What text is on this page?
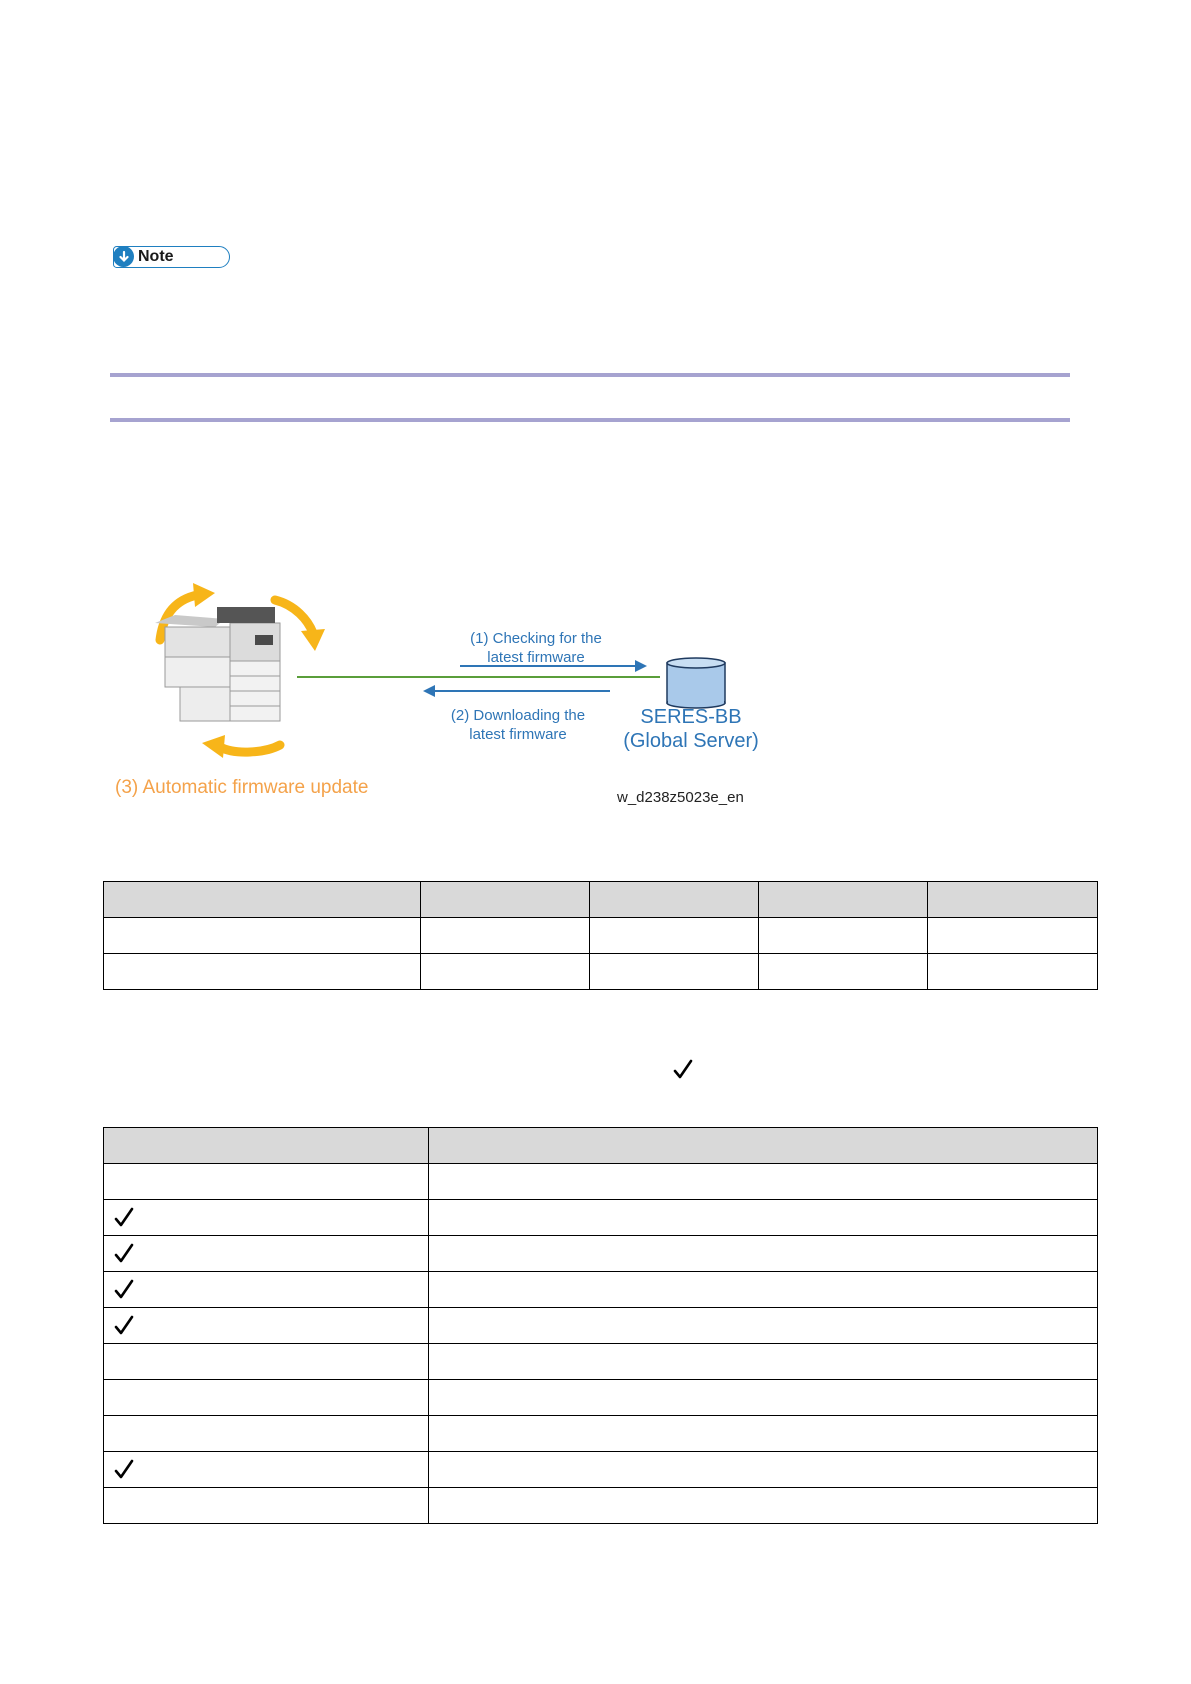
Note
(1) Checking for the
latest firmware
(2) Downloading the
latest firmware
SERES-BB
(Global Server)
(3) Automatic firmware update	w_d238z5023e_en
